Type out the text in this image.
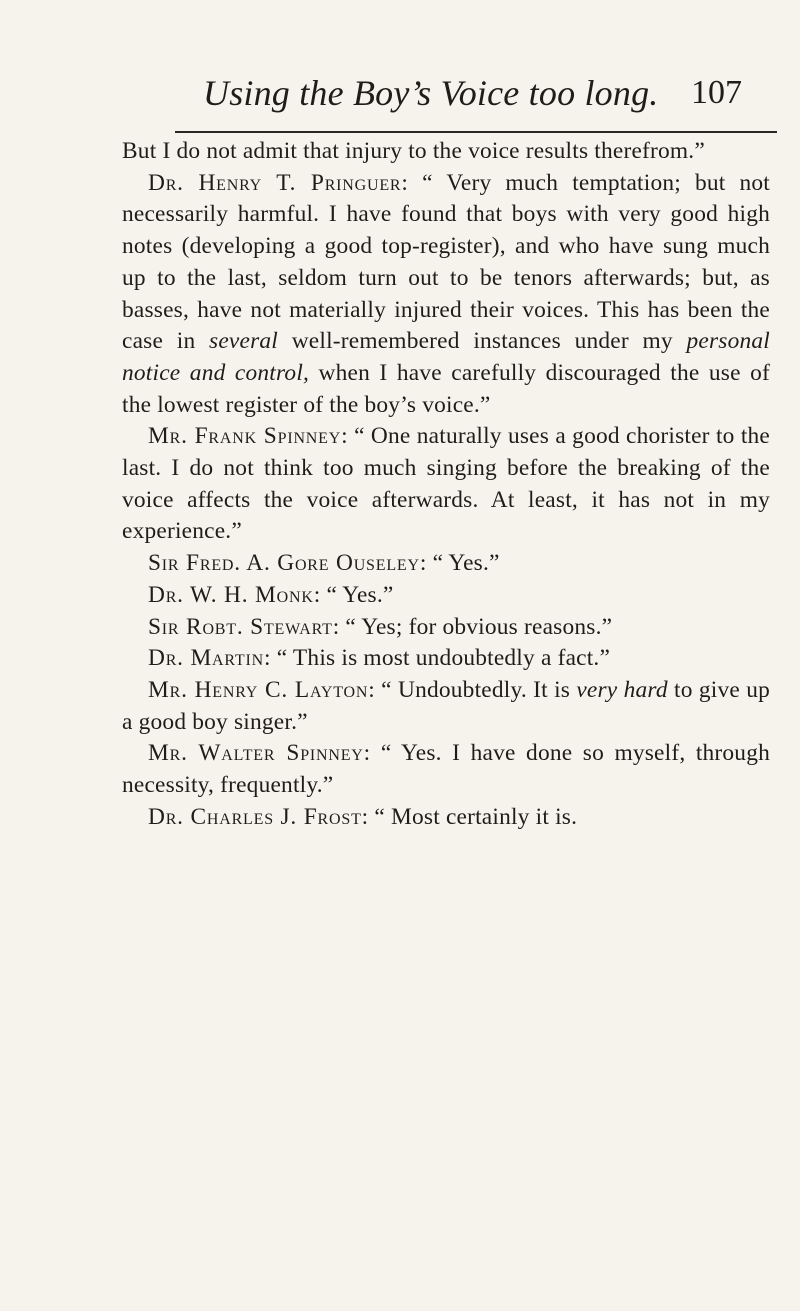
Using the Boy’s Voice too long. 107

But I do not admit that injury to the voice results therefrom.”

Dr. Henry T. Pringuer: “ Very much temptation; but not necessarily harmful. I have found that boys with very good high notes (developing a good top-register), and who have sung much up to the last, seldom turn out to be tenors afterwards; but, as basses, have not materially injured their voices. This has been the case in several well-remembered instances under my personal notice and control, when I have carefully discouraged the use of the lowest register of the boy’s voice.”

Mr. Frank Spinney: “ One naturally uses a good chorister to the last. I do not think too much singing before the breaking of the voice affects the voice afterwards. At least, it has not in my experience.”

Sir Fred. A. Gore Ouseley: “ Yes.”

Dr. W. H. Monk: “ Yes.”

Sir Robt. Stewart: “ Yes; for obvious reasons.”

Dr. Martin: “ This is most undoubtedly a fact.”

Mr. Henry C. Layton: “ Undoubtedly. It is very hard to give up a good boy singer.”

Mr. Walter Spinney: “ Yes. I have done so myself, through necessity, frequently.”

Dr. Charles J. Frost: “ Most certainly it is.
